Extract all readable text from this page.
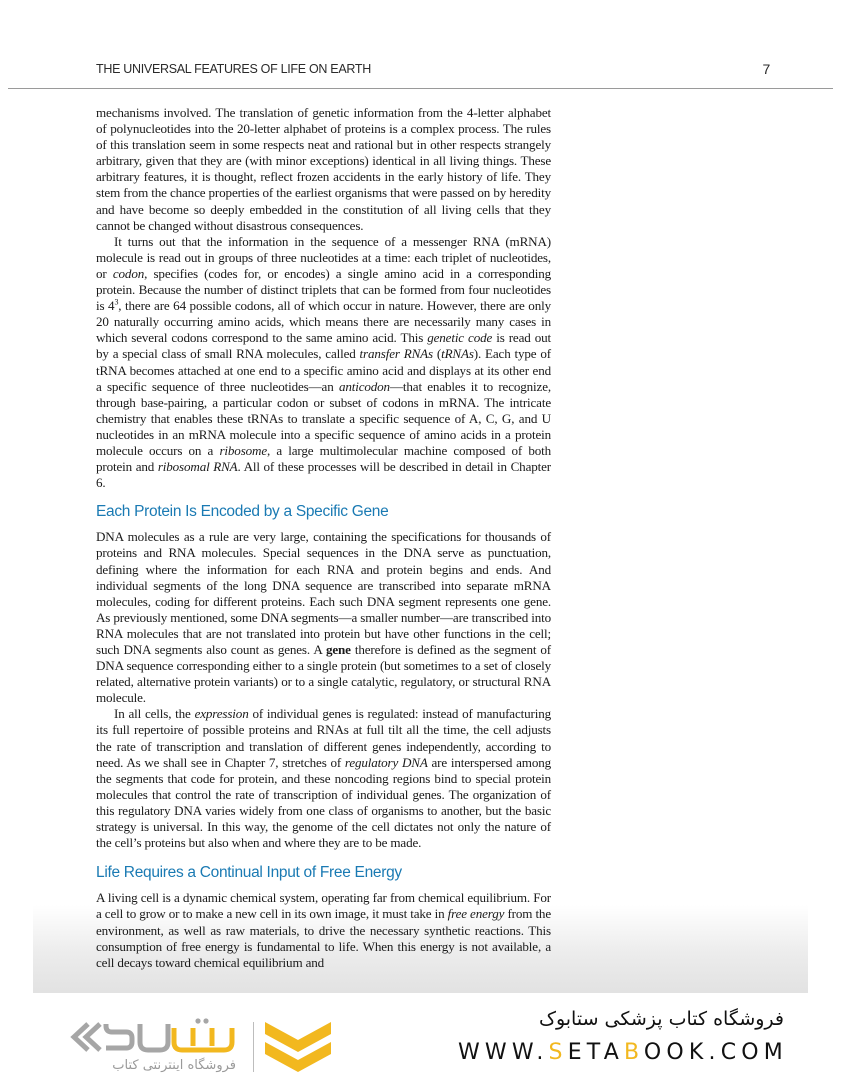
THE UNIVERSAL FEATURES OF LIFE ON EARTH	7

mechanisms involved. The translation of genetic information from the 4-letter alphabet of polynucleotides into the 20-letter alphabet of proteins is a complex process. The rules of this translation seem in some respects neat and rational but in other respects strangely arbitrary, given that they are (with minor exceptions) identical in all living things. These arbitrary features, it is thought, reflect frozen accidents in the early history of life. They stem from the chance properties of the earliest organisms that were passed on by heredity and have become so deeply embedded in the constitution of all living cells that they cannot be changed without disastrous consequences.

It turns out that the information in the sequence of a messenger RNA (mRNA) molecule is read out in groups of three nucleotides at a time: each triplet of nucleotides, or codon, specifies (codes for, or encodes) a single amino acid in a corresponding protein. Because the number of distinct triplets that can be formed from four nucleotides is $4^3$, there are 64 possible codons, all of which occur in nature. However, there are only 20 naturally occurring amino acids, which means there are necessarily many cases in which several codons correspond to the same amino acid. This genetic code is read out by a special class of small RNA molecules, called transfer RNAs (tRNAs). Each type of tRNA becomes attached at one end to a specific amino acid and displays at its other end a specific sequence of three nucleotides—an anticodon—that enables it to recognize, through base-pairing, a particular codon or subset of codons in mRNA. The intricate chemistry that enables these tRNAs to translate a specific sequence of A, C, G, and U nucleotides in an mRNA molecule into a specific sequence of amino acids in a protein molecule occurs on a ribosome, a large multimolecular machine composed of both protein and ribosomal RNA. All of these processes will be described in detail in Chapter 6.

Each Protein Is Encoded by a Specific Gene

DNA molecules as a rule are very large, containing the specifications for thousands of proteins and RNA molecules. Special sequences in the DNA serve as punctuation, defining where the information for each RNA and protein begins and ends. And individual segments of the long DNA sequence are transcribed into separate mRNA molecules, coding for different proteins. Each such DNA segment represents one gene. As previously mentioned, some DNA segments—a smaller number—are transcribed into RNA molecules that are not translated into protein but have other functions in the cell; such DNA segments also count as genes. A gene therefore is defined as the segment of DNA sequence corresponding either to a single protein (but sometimes to a set of closely related, alternative protein variants) or to a single catalytic, regulatory, or structural RNA molecule.

In all cells, the expression of individual genes is regulated: instead of manufacturing its full repertoire of possible proteins and RNAs at full tilt all the time, the cell adjusts the rate of transcription and translation of different genes independently, according to need. As we shall see in Chapter 7, stretches of regulatory DNA are interspersed among the segments that code for protein, and these noncoding regions bind to special protein molecules that control the rate of transcription of individual genes. The organization of this regulatory DNA varies widely from one class of organisms to another, but the basic strategy is universal. In this way, the genome of the cell dictates not only the nature of the cell’s proteins but also when and where they are to be made.

Life Requires a Continual Input of Free Energy

A living cell is a dynamic chemical system, operating far from chemical equilibrium. For a cell to grow or to make a new cell in its own image, it must take in free energy from the environment, as well as raw materials, to drive the necessary synthetic reactions. This consumption of free energy is fundamental to life. When this energy is not available, a cell decays toward chemical equilibrium and

فروشگاه اینترنتی کتاب
فروشگاه کتاب پزشکی ستابوک
WWW.SETABOOK.COM
